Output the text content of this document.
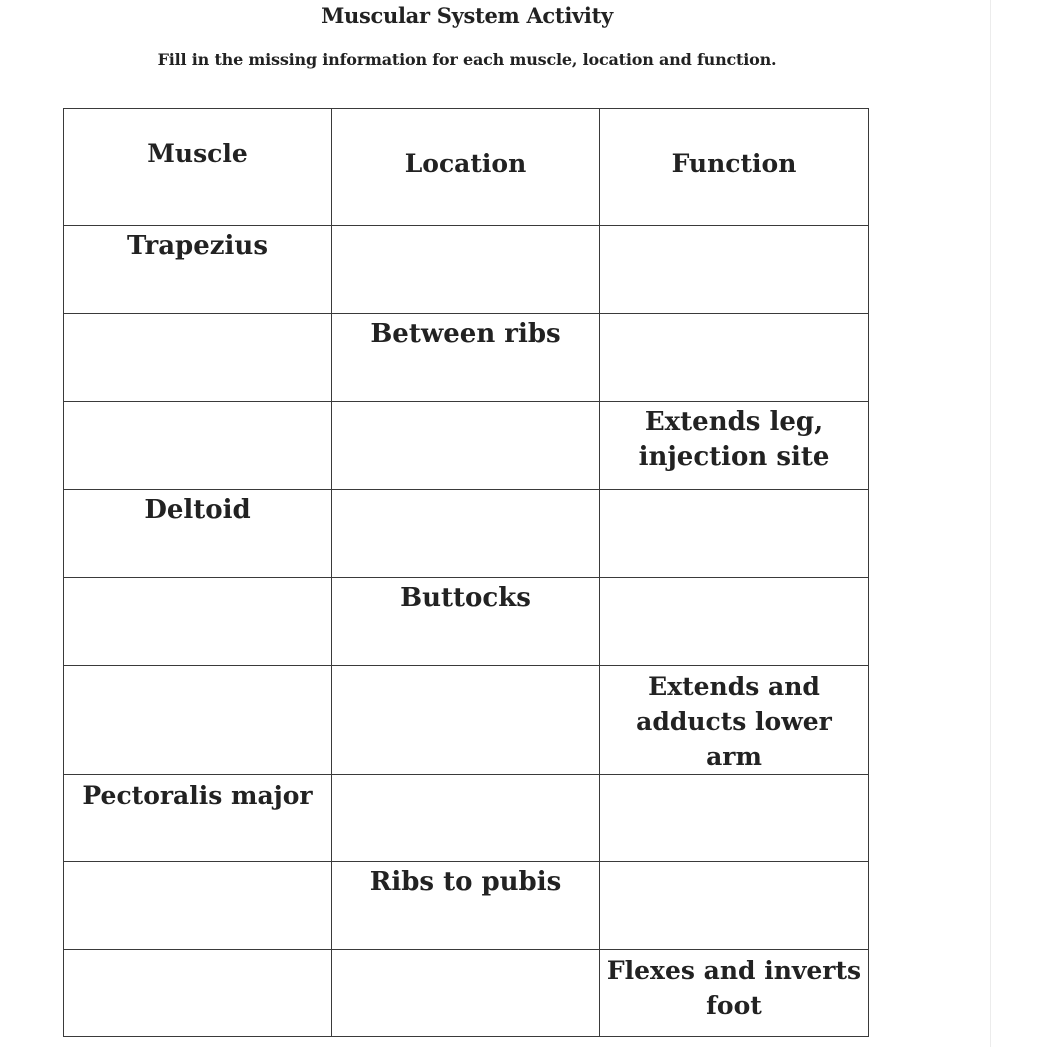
Muscular System Activity
Fill in the missing information for each muscle, location and function.
Muscle	Location	Function
Trapezius		
	Between ribs	
		Extends leg, injection site
Deltoid		
	Buttocks	
		Extends and adducts lower arm
Pectoralis major		
	Ribs to pubis	
		Flexes and inverts foot
